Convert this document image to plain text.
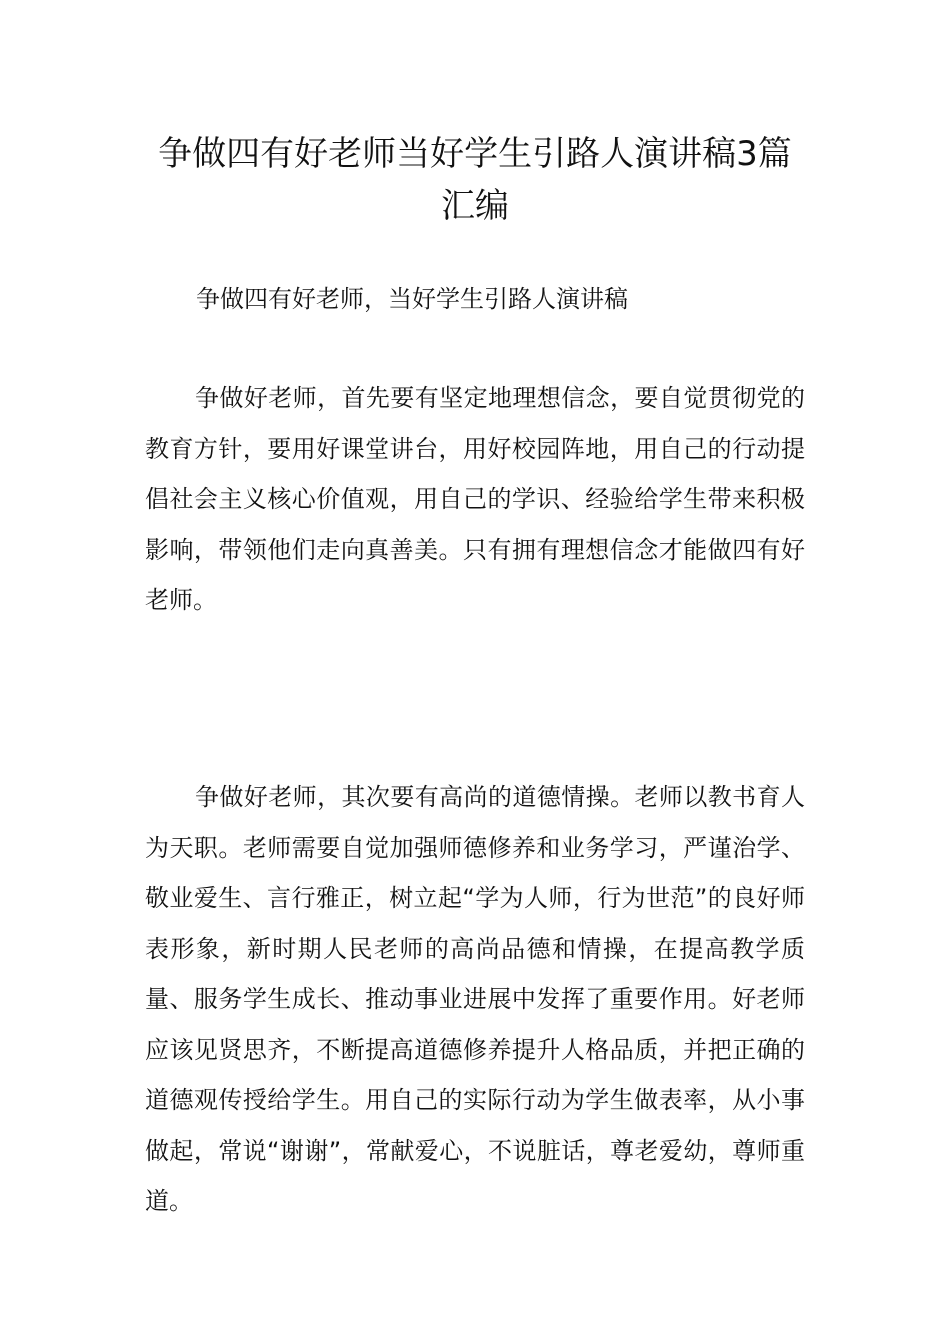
争做四有好老师当好学生引路人演讲稿3篇汇编

争做四有好老师，当好学生引路人演讲稿

争做好老师，首先要有坚定地理想信念，要自觉贯彻党的教育方针，要用好课堂讲台，用好校园阵地，用自己的行动提倡社会主义核心价值观，用自己的学识、经验给学生带来积极影响，带领他们走向真善美。只有拥有理想信念才能做四有好老师。

争做好老师，其次要有高尚的道德情操。老师以教书育人为天职。老师需要自觉加强师德修养和业务学习，严谨治学、敬业爱生、言行雅正，树立起“学为人师，行为世范”的良好师表形象，新时期人民老师的高尚品德和情操，在提高教学质量、服务学生成长、推动事业进展中发挥了重要作用。好老师应该见贤思齐，不断提高道德修养提升人格品质，并把正确的道德观传授给学生。用自己的实际行动为学生做表率，从小事做起，常说“谢谢”，常献爱心，不说脏话，尊老爱幼，尊师重道。
